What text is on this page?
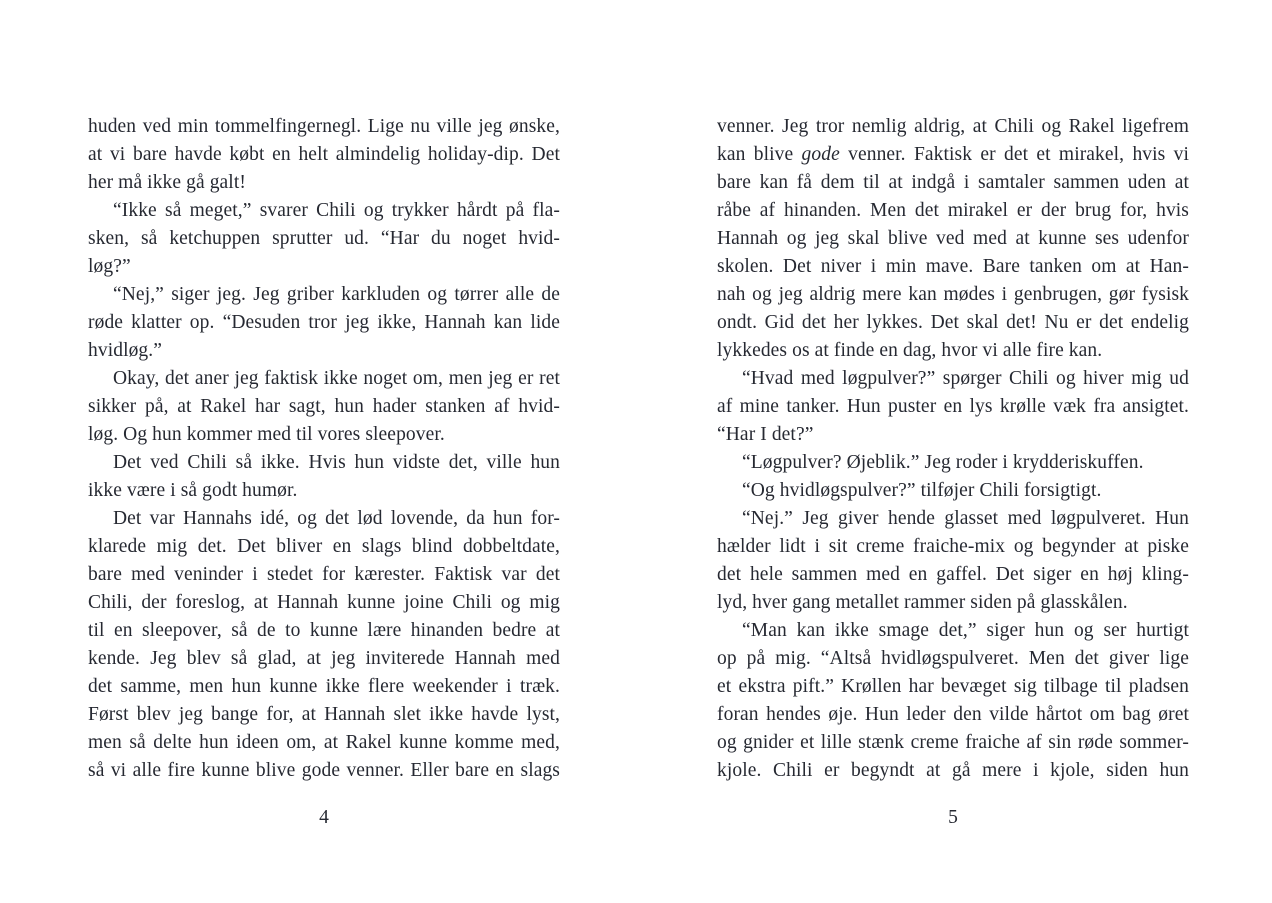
huden ved min tommelfingernegl. Lige nu ville jeg ønske,
at vi bare havde købt en helt almindelig holiday-dip. Det
her må ikke gå galt!
“Ikke så meget,” svarer Chili og trykker hårdt på fla-
sken, så ketchuppen sprutter ud. “Har du noget hvid-
løg?”
“Nej,” siger jeg. Jeg griber karkluden og tørrer alle de
røde klatter op. “Desuden tror jeg ikke, Hannah kan lide
hvidløg.”
Okay, det aner jeg faktisk ikke noget om, men jeg er ret
sikker på, at Rakel har sagt, hun hader stanken af hvid-
løg. Og hun kommer med til vores sleepover.
Det ved Chili så ikke. Hvis hun vidste det, ville hun
ikke være i så godt humør.
Det var Hannahs idé, og det lød lovende, da hun for-
klarede mig det. Det bliver en slags blind dobbeltdate,
bare med veninder i stedet for kærester. Faktisk var det
Chili, der foreslog, at Hannah kunne joine Chili og mig
til en sleepover, så de to kunne lære hinanden bedre at
kende. Jeg blev så glad, at jeg inviterede Hannah med
det samme, men hun kunne ikke flere weekender i træk.
Først blev jeg bange for, at Hannah slet ikke havde lyst,
men så delte hun ideen om, at Rakel kunne komme med,
så vi alle fire kunne blive gode venner. Eller bare en slags
4
venner. Jeg tror nemlig aldrig, at Chili og Rakel ligefrem
kan blive gode venner. Faktisk er det et mirakel, hvis vi
bare kan få dem til at indgå i samtaler sammen uden at
råbe af hinanden. Men det mirakel er der brug for, hvis
Hannah og jeg skal blive ved med at kunne ses udenfor
skolen. Det niver i min mave. Bare tanken om at Han-
nah og jeg aldrig mere kan mødes i genbrugen, gør fysisk
ondt. Gid det her lykkes. Det skal det! Nu er det endelig
lykkedes os at finde en dag, hvor vi alle fire kan.
“Hvad med løgpulver?” spørger Chili og hiver mig ud
af mine tanker. Hun puster en lys krølle væk fra ansigtet.
“Har I det?”
“Løgpulver? Øjeblik.” Jeg roder i krydderiskuffen.
“Og hvidløgspulver?” tilføjer Chili forsigtigt.
“Nej.” Jeg giver hende glasset med løgpulveret. Hun
hælder lidt i sit creme fraiche-mix og begynder at piske
det hele sammen med en gaffel. Det siger en høj kling-
lyd, hver gang metallet rammer siden på glasskålen.
“Man kan ikke smage det,” siger hun og ser hurtigt
op på mig. “Altså hvidløgspulveret. Men det giver lige
et ekstra pift.” Krøllen har bevæget sig tilbage til pladsen
foran hendes øje. Hun leder den vilde hårtot om bag øret
og gnider et lille stænk creme fraiche af sin røde sommer-
kjole. Chili er begyndt at gå mere i kjole, siden hun
5
